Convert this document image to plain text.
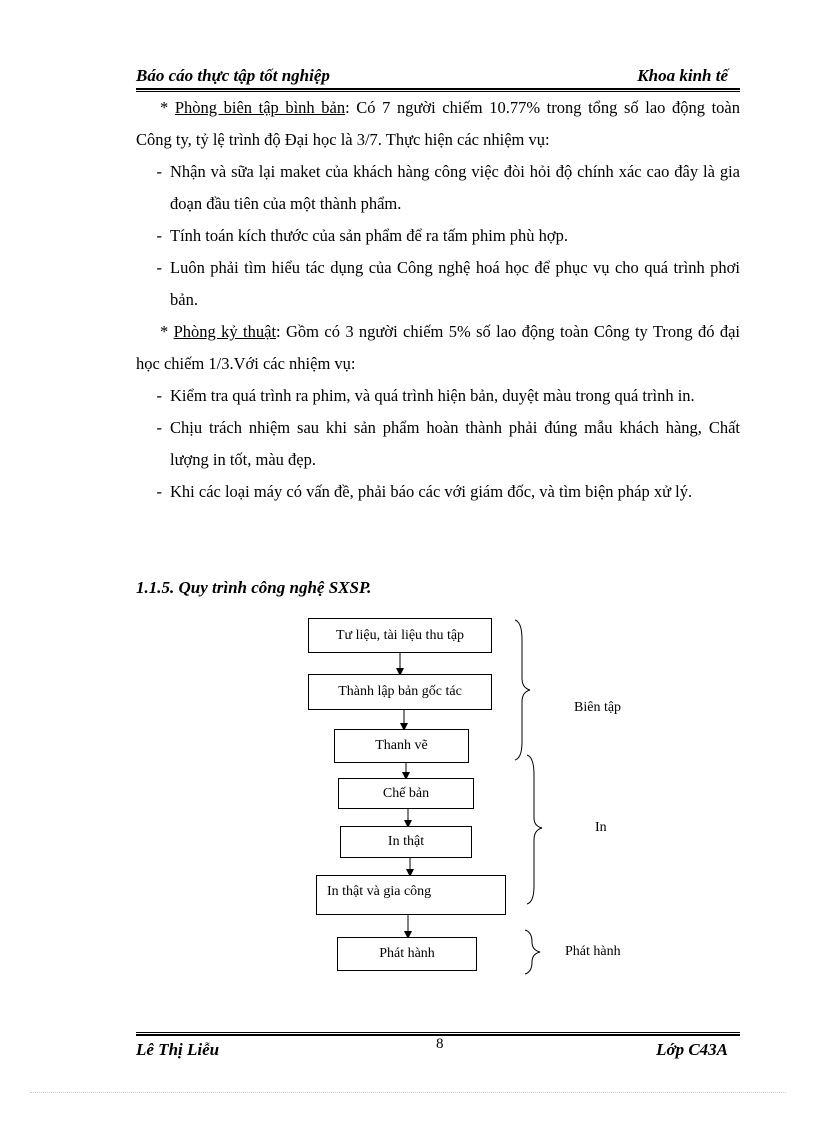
Báo cáo thực tập tốt nghiệp	Khoa kinh tế

* Phòng biên tập bình bản: Có 7 người chiếm 10.77% trong tổng số lao động toàn Công ty, tỷ lệ trình độ Đại học là 3/7. Thực hiện các nhiệm vụ:

- Nhận và sữa lại maket của khách hàng công việc đòi hỏi độ chính xác cao đây là gia đoạn đầu tiên của một thành phẩm.

- Tính toán kích thước của sản phẩm để ra tấm phim phù hợp.

- Luôn phải tìm hiểu tác dụng của Công nghệ hoá học để phục vụ cho quá trình phơi bản.

* Phòng kỷ thuật: Gồm có 3 người chiếm 5% số lao động toàn Công ty Trong đó đại học chiếm 1/3.Với các nhiệm vụ:

- Kiểm tra quá trình ra phim, và quá trình hiện bản, duyệt màu trong quá trình in.

- Chịu trách nhiệm sau khi sản phẩm hoàn thành phải đúng mẫu khách hàng, Chất lượng in tốt, màu đẹp.

- Khi các loại máy có vấn đề, phải báo các với giám đốc, và tìm biện pháp xử lý.

1.1.5. Quy trình công nghệ SXSP.
Tư liệu, tài liệu thu tập
Thành lập bản gốc tác
Thanh vẽ
Chế bản
In thật
In thật và gia công
Phát hành
Biên tập
In
Phát hành
Lê Thị Liễu	8	Lớp C43A
